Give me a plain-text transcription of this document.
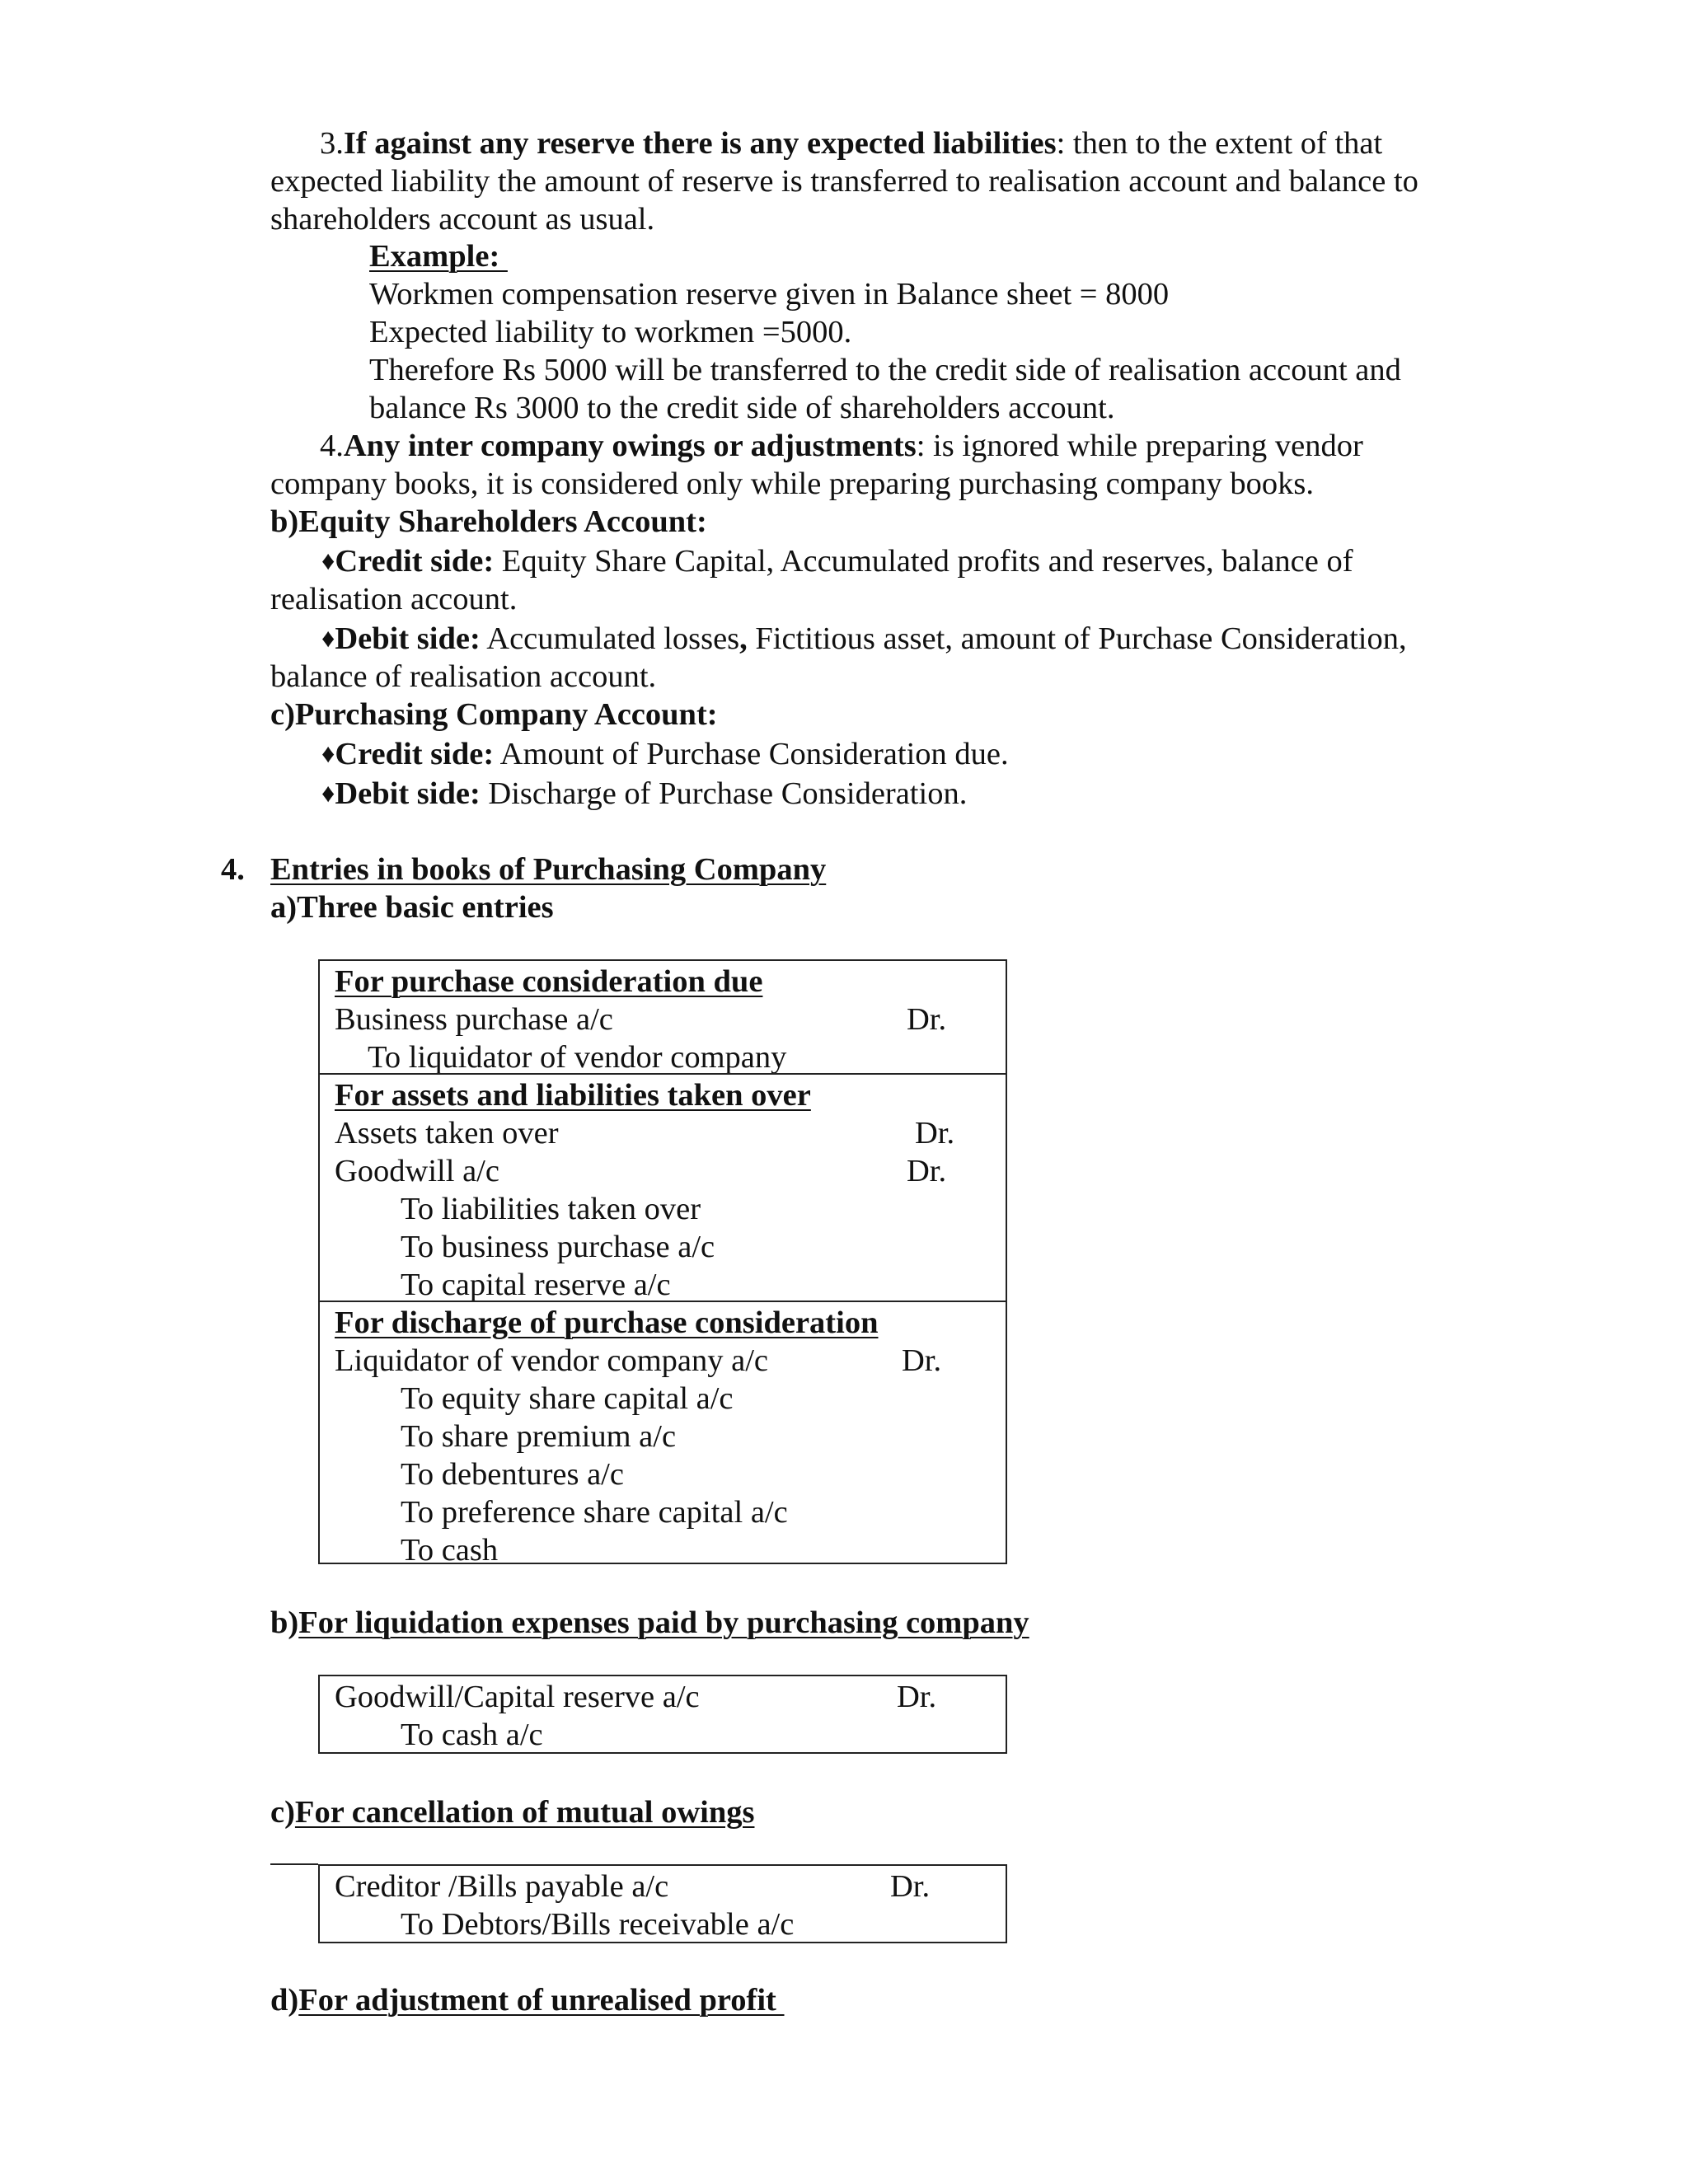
3.If against any reserve there is any expected liabilities: then to the extent of that
expected liability the amount of reserve is transferred to realisation account and balance to
shareholders account as usual.
Example:
Workmen compensation reserve given in Balance sheet = 8000
Expected liability to workmen =5000.
Therefore Rs 5000 will be transferred to the credit side of realisation account and
balance Rs 3000 to the credit side of shareholders account.
4.Any inter company owings or adjustments: is ignored while preparing vendor
company books, it is considered only while preparing purchasing company books.
b)Equity Shareholders Account:
♦Credit side: Equity Share Capital, Accumulated profits and reserves, balance of
realisation account.
♦Debit side: Accumulated losses, Fictitious asset, amount of Purchase Consideration,
balance of realisation account.
c)Purchasing Company Account:
♦Credit side: Amount of Purchase Consideration due.
♦Debit side: Discharge of Purchase Consideration.
4. Entries in books of Purchasing Company
a)Three basic entries
For purchase consideration due
Business purchase a/c	Dr.
To liquidator of vendor company
For assets and liabilities taken over
Assets taken over	Dr.
Goodwill a/c	Dr.
To liabilities taken over
To business purchase a/c
To capital reserve a/c
For discharge of purchase consideration
Liquidator of vendor company a/c	Dr.
To equity share capital a/c
To share premium a/c
To debentures a/c
To preference share capital a/c
To cash
b)For liquidation expenses paid by purchasing company
Goodwill/Capital reserve a/c	Dr.
To cash a/c
c)For cancellation of mutual owings
Creditor /Bills payable a/c	Dr.
To Debtors/Bills receivable a/c
d)For adjustment of unrealised profit
